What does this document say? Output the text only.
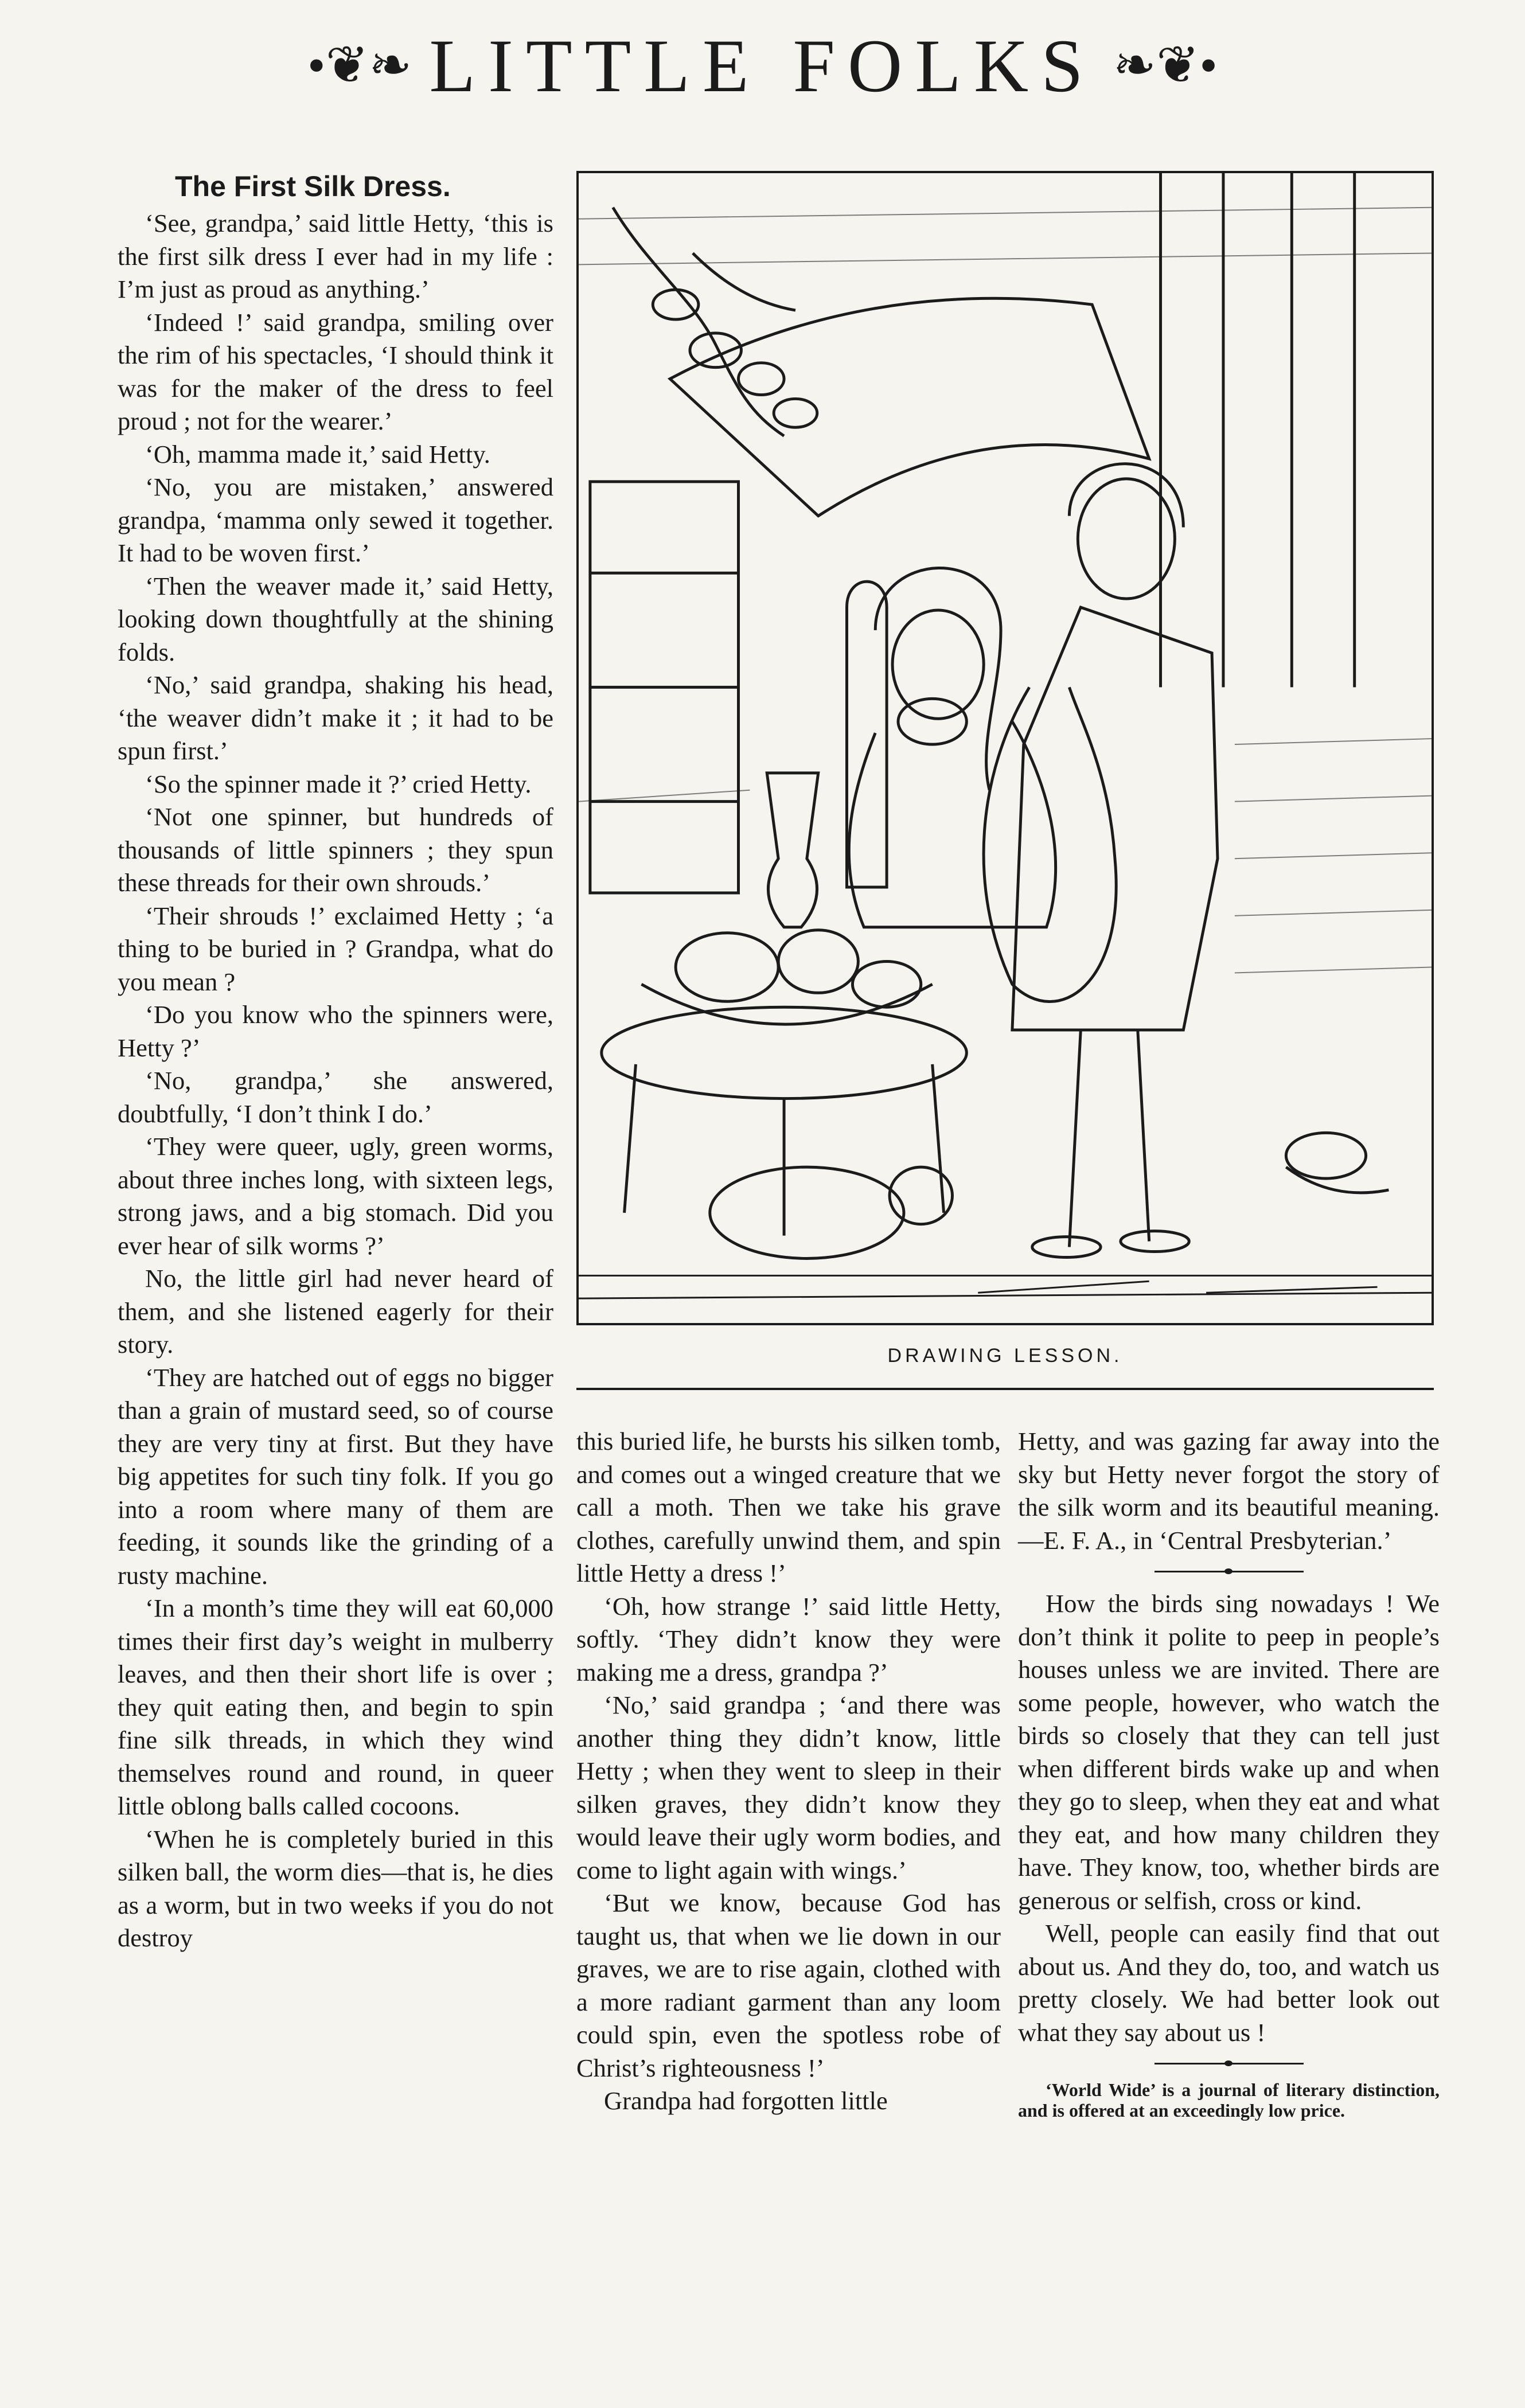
•❦❧ LITTLE FOLKS ❧❦•
The First Silk Dress.

‘See, grandpa,’ said little Hetty, ‘this is the first silk dress I ever had in my life : I’m just as proud as anything.’

‘Indeed !’ said grandpa, smiling over the rim of his spectacles, ‘I should think it was for the maker of the dress to feel proud ; not for the wearer.’

‘Oh, mamma made it,’ said Hetty.

‘No, you are mistaken,’ answered grandpa, ‘mamma only sewed it together. It had to be woven first.’

‘Then the weaver made it,’ said Hetty, looking down thoughtfully at the shining folds.

‘No,’ said grandpa, shaking his head, ‘the weaver didn’t make it ; it had to be spun first.’

‘So the spinner made it ?’ cried Hetty.

‘Not one spinner, but hundreds of thousands of little spinners ; they spun these threads for their own shrouds.’

‘Their shrouds !’ exclaimed Hetty ; ‘a thing to be buried in ? Grandpa, what do you mean ?

‘Do you know who the spinners were, Hetty ?’

‘No, grandpa,’ she answered, doubtfully, ‘I don’t think I do.’

‘They were queer, ugly, green worms, about three inches long, with sixteen legs, strong jaws, and a big stomach. Did you ever hear of silk worms ?’

No, the little girl had never heard of them, and she listened eagerly for their story.

‘They are hatched out of eggs no bigger than a grain of mustard seed, so of course they are very tiny at first. But they have big appetites for such tiny folk. If you go into a room where many of them are feeding, it sounds like the grinding of a rusty machine.

‘In a month’s time they will eat 60,000 times their first day’s weight in mulberry leaves, and then their short life is over ; they quit eating then, and begin to spin fine silk threads, in which they wind themselves round and round, in queer little oblong balls called cocoons.

‘When he is completely buried in this silken ball, the worm dies—that is, he dies as a worm, but in two weeks if you do not destroy

DRAWING LESSON.

this buried life, he bursts his silken tomb, and comes out a winged creature that we call a moth. Then we take his grave clothes, carefully unwind them, and spin little Hetty a dress !’

‘Oh, how strange !’ said little Hetty, softly. ‘They didn’t know they were making me a dress, grandpa ?’

‘No,’ said grandpa ; ‘and there was another thing they didn’t know, little Hetty ; when they went to sleep in their silken graves, they didn’t know they would leave their ugly worm bodies, and come to light again with wings.’

‘But we know, because God has taught us, that when we lie down in our graves, we are to rise again, clothed with a more radiant garment than any loom could spin, even the spotless robe of Christ’s righteousness !’

Grandpa had forgotten little

Hetty, and was gazing far away into the sky but Hetty never forgot the story of the silk worm and its beautiful meaning.—E. F. A., in ‘Central Presbyterian.’

How the birds sing nowadays ! We don’t think it polite to peep in people’s houses unless we are invited. There are some people, however, who watch the birds so closely that they can tell just when different birds wake up and when they go to sleep, when they eat and what they eat, and how many children they have. They know, too, whether birds are generous or selfish, cross or kind.

Well, people can easily find that out about us. And they do, too, and watch us pretty closely. We had better look out what they say about us !

‘World Wide’ is a journal of literary distinction, and is offered at an exceedingly low price.
